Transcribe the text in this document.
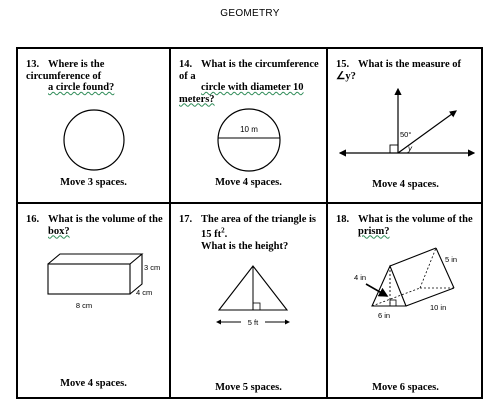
GEOMETRY
13. Where is the circumference of
a circle found?
Move 3 spaces.
14. What is the circumference of a
circle with diameter 10 meters?
10 m
Move 4 spaces.
15. What is the measure of ∠y?
50°
y
Move 4 spaces.
16. What is the volume of the
box?
3 cm
4 cm
8 cm
Move 4 spaces.
17. The area of the triangle is
15 $ft^2$.
What is the height?
5 ft
Move 5 spaces.
18. What is the volume of the
prism?
4 in
5 in
6 in
10 in
Move 6 spaces.
